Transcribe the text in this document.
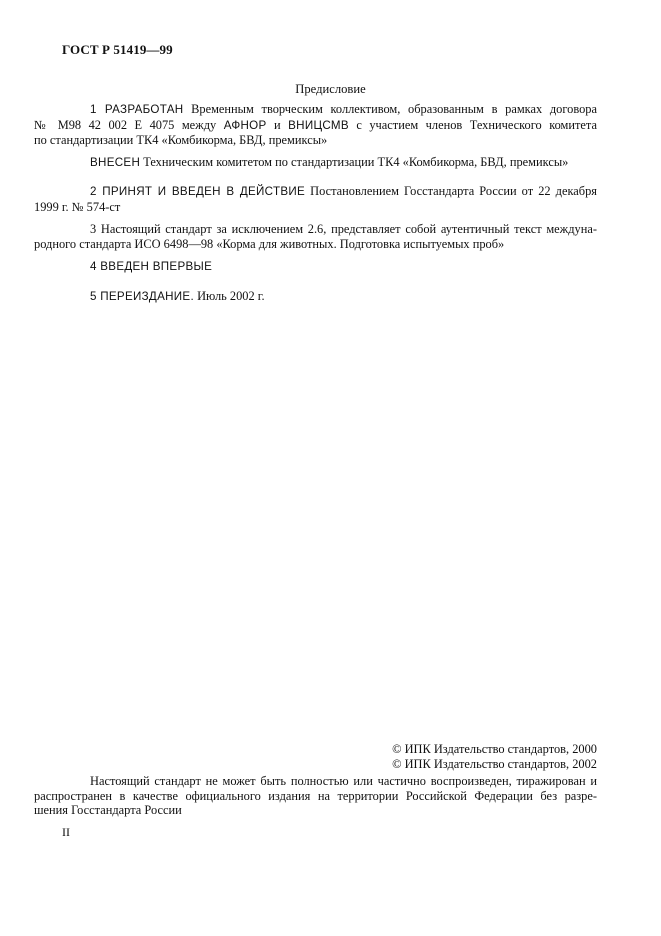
ГОСТ Р 51419—99
Предисловие
1 РАЗРАБОТАН Временным творческим коллективом, образованным в рамках договора
№ М98 42 002 Е 4075 между АФНОР и ВНИЦСМВ с участием членов Технического комитета
по стандартизации ТК4 «Комбикорма, БВД, премиксы»
ВНЕСЕН Техническим комитетом по стандартизации ТК4 «Комбикорма, БВД, премиксы»
2 ПРИНЯТ И ВВЕДЕН В ДЕЙСТВИЕ Постановлением Госстандарта России от 22 декабря
1999 г. № 574-ст
3 Настоящий стандарт за исключением 2.6, представляет собой аутентичный текст междуна-
родного стандарта ИСО 6498—98 «Корма для животных. Подготовка испытуемых проб»
4 ВВЕДЕН ВПЕРВЫЕ
5 ПЕРЕИЗДАНИЕ. Июль 2002 г.
© ИПК Издательство стандартов, 2000
© ИПК Издательство стандартов, 2002
Настоящий стандарт не может быть полностью или частично воспроизведен, тиражирован и
распространен в качестве официального издания на территории Российской Федерации без разре-
шения Госстандарта России
II
